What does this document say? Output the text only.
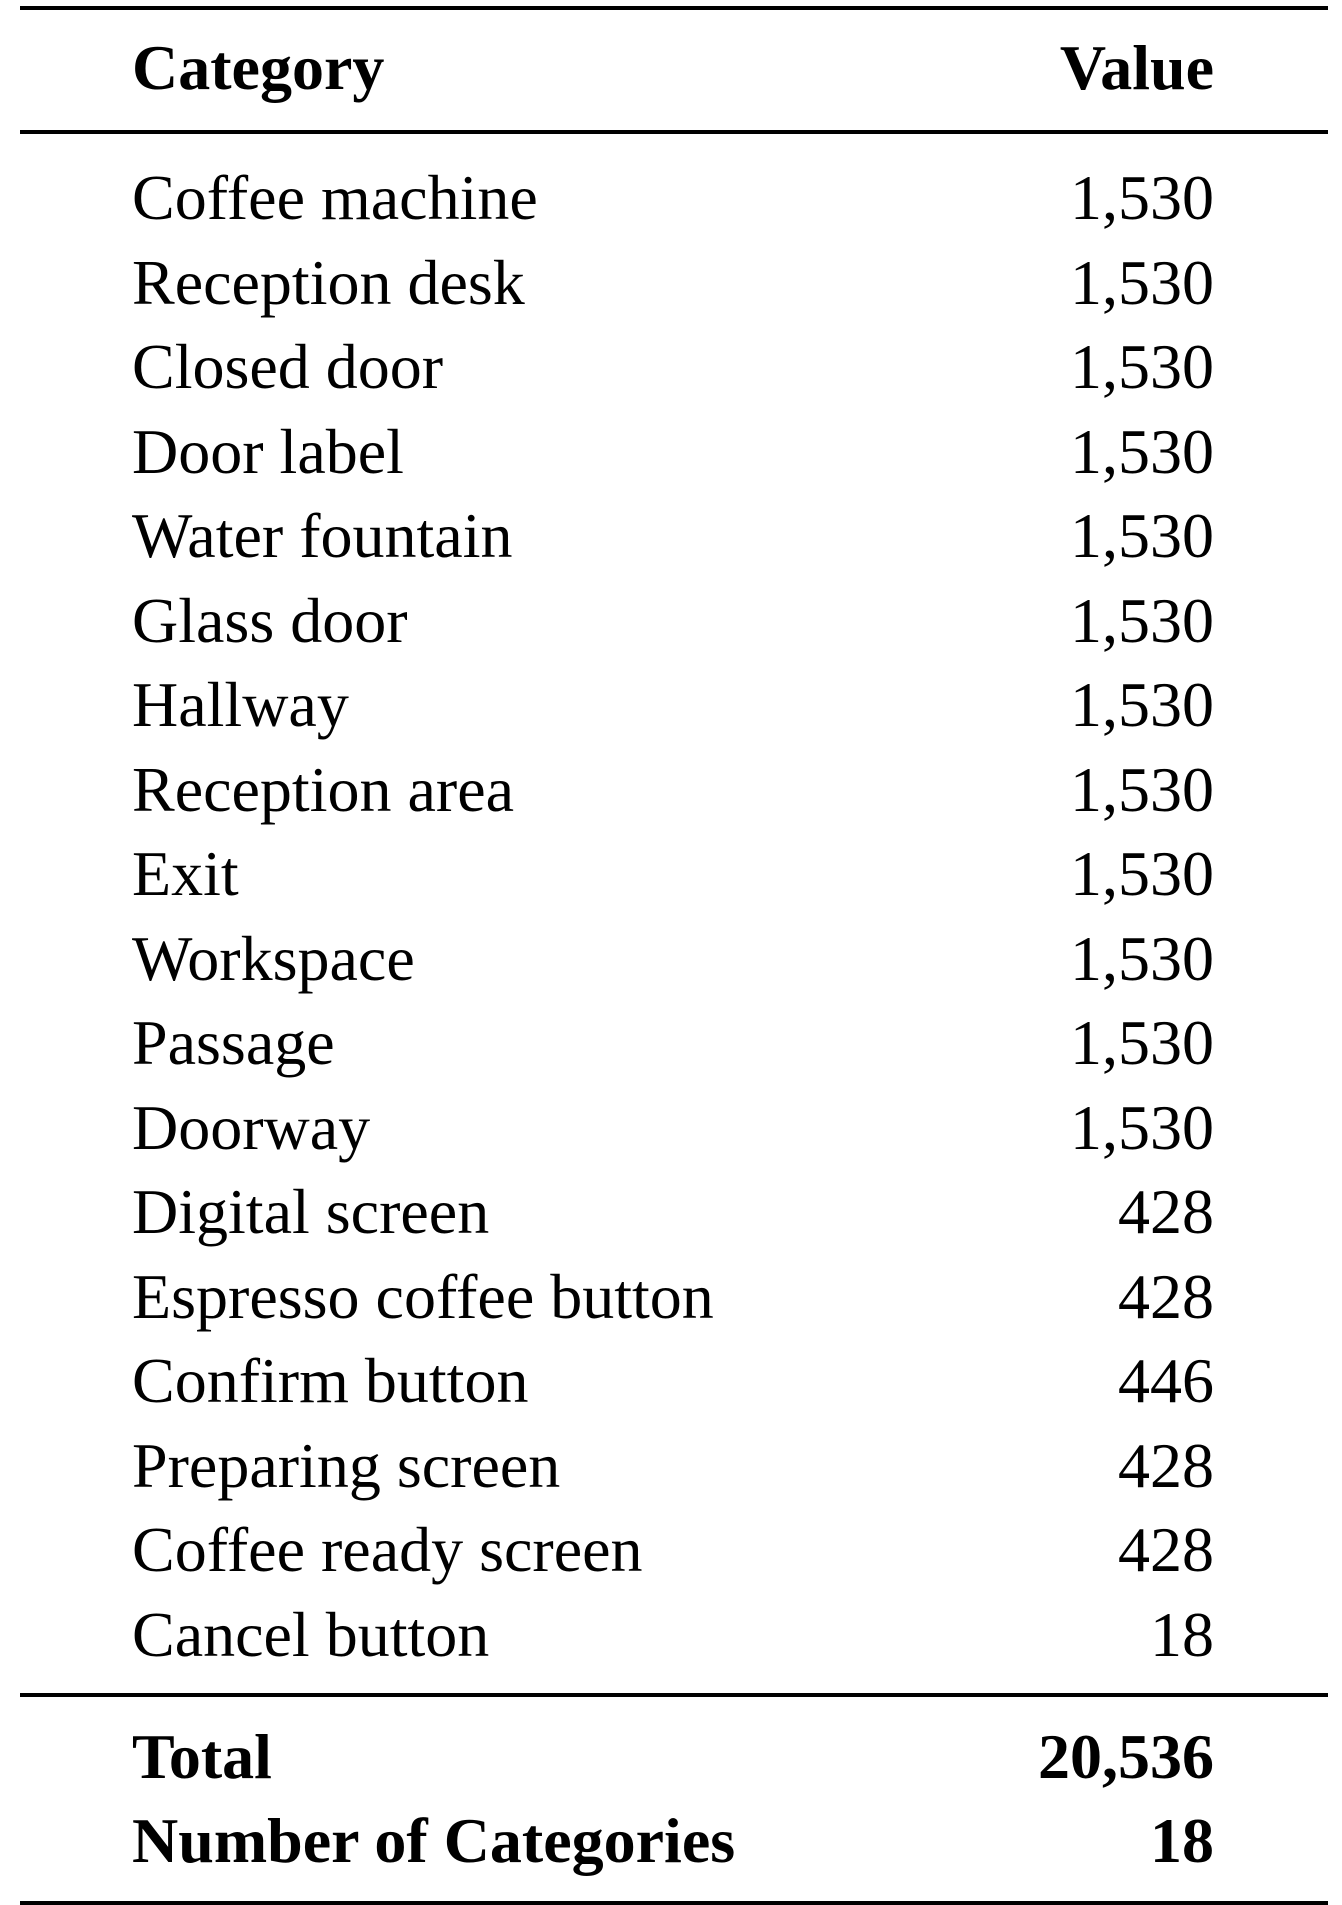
Category	Value
Coffee machine	1,530
Reception desk	1,530
Closed door	1,530
Door label	1,530
Water fountain	1,530
Glass door	1,530
Hallway	1,530
Reception area	1,530
Exit	1,530
Workspace	1,530
Passage	1,530
Doorway	1,530
Digital screen	428
Espresso coffee button	428
Confirm button	446
Preparing screen	428
Coffee ready screen	428
Cancel button	18
Total	20,536
Number of Categories	18
